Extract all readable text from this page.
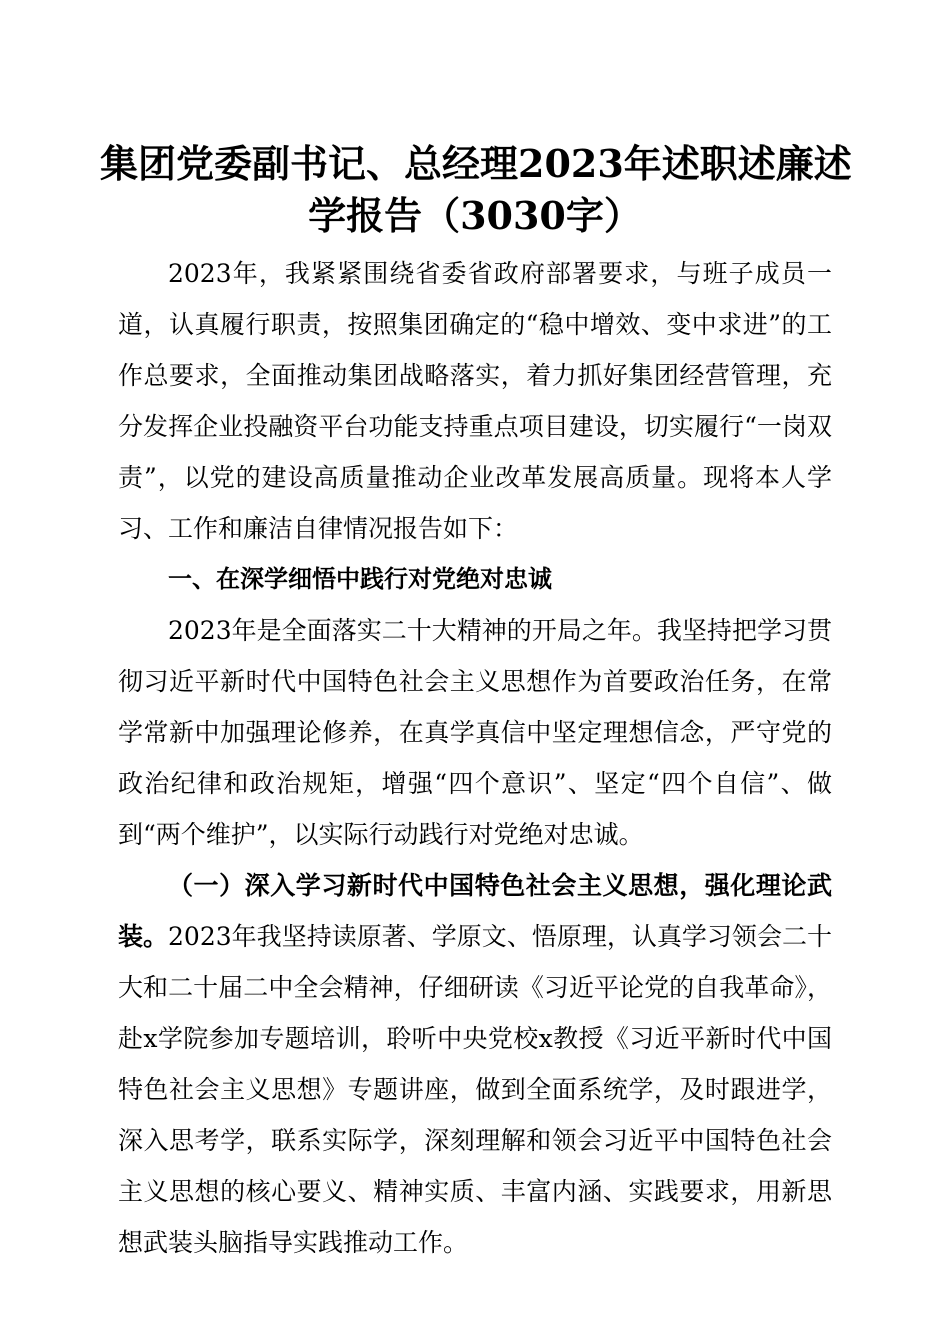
集团党委副书记、总经理2023年述职述廉述
学报告（3030字）

2023年，我紧紧围绕省委省政府部署要求，与班子成员一道，认真履行职责，按照集团确定的“稳中增效、变中求进”的工作总要求，全面推动集团战略落实，着力抓好集团经营管理，充分发挥企业投融资平台功能支持重点项目建设，切实履行“一岗双责”，以党的建设高质量推动企业改革发展高质量。现将本人学习、工作和廉洁自律情况报告如下：

一、在深学细悟中践行对党绝对忠诚

2023年是全面落实二十大精神的开局之年。我坚持把学习贯彻习近平新时代中国特色社会主义思想作为首要政治任务，在常学常新中加强理论修养，在真学真信中坚定理想信念，严守党的政治纪律和政治规矩，增强“四个意识”、坚定“四个自信”、做到“两个维护”，以实际行动践行对党绝对忠诚。

（一）深入学习新时代中国特色社会主义思想，强化理论武装。2023年我坚持读原著、学原文、悟原理，认真学习领会二十大和二十届二中全会精神，仔细研读《习近平论党的自我革命》，赴x学院参加专题培训，聆听中央党校x教授《习近平新时代中国特色社会主义思想》专题讲座，做到全面系统学，及时跟进学，深入思考学，联系实际学，深刻理解和领会习近平中国特色社会主义思想的核心要义、精神实质、丰富内涵、实践要求，用新思想武装头脑指导实践推动工作。
